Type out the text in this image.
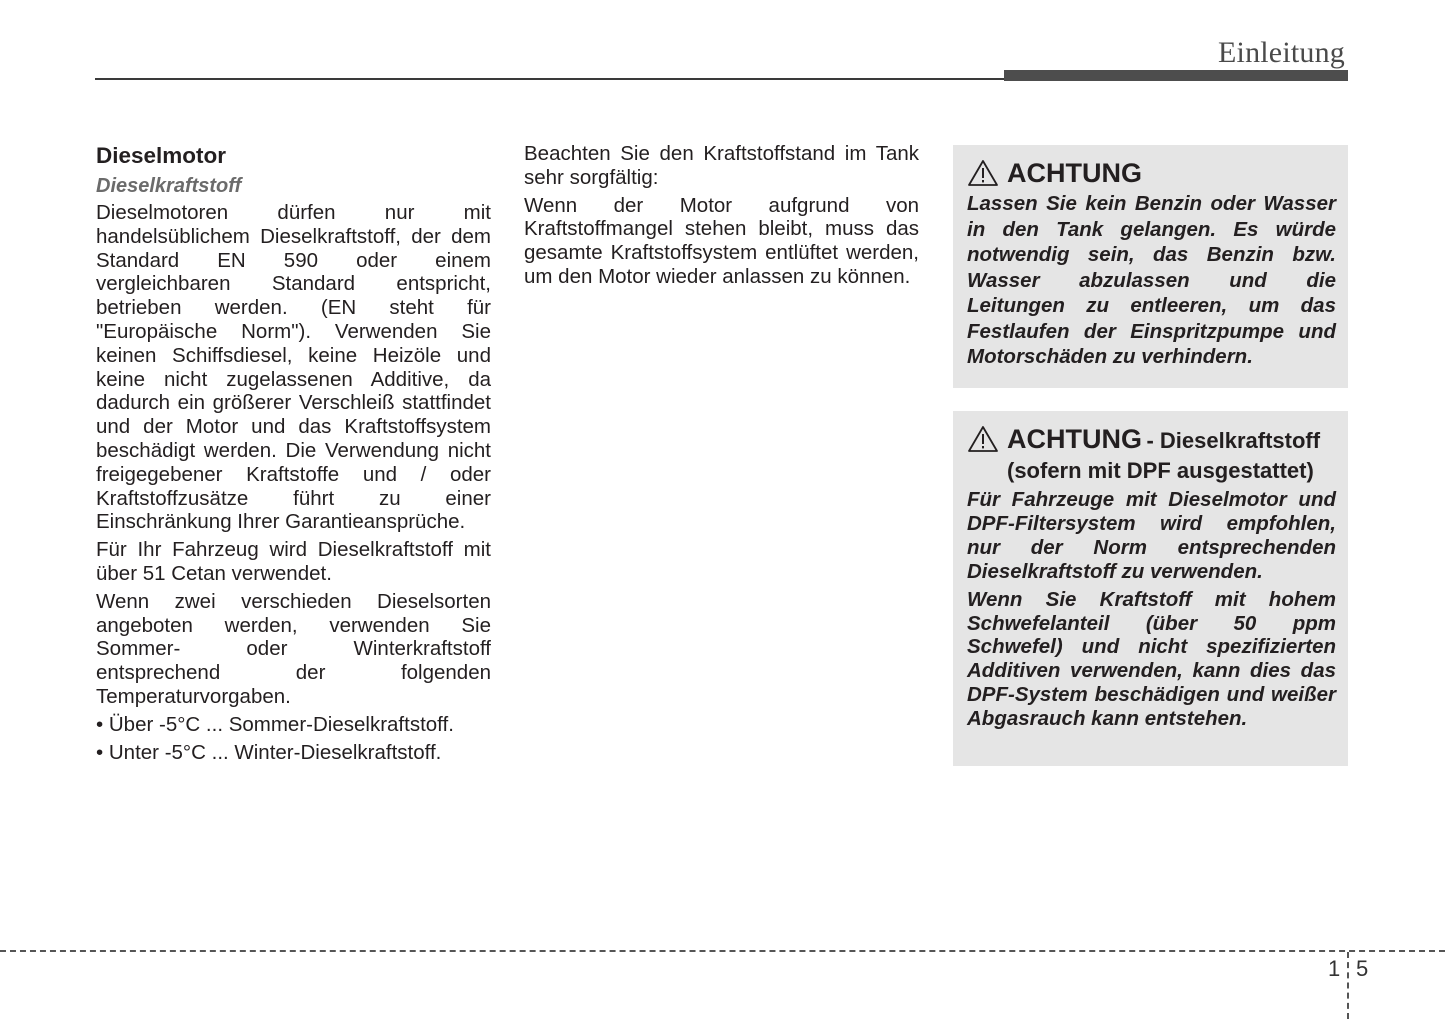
Einleitung
Dieselmotor
Dieselkraftstoff

Dieselmotoren dürfen nur mit handelsüblichem Dieselkraftstoff, der dem Standard EN 590 oder einem vergleichbaren Standard entspricht, betrieben werden. (EN steht für "Europäische Norm"). Verwenden Sie keinen Schiffsdiesel, keine Heizöle und keine nicht zugelassenen Additive, da dadurch ein größerer Verschleiß stattfindet und der Motor und das Kraftstoffsystem beschädigt werden. Die Verwendung nicht freigegebener Kraftstoffe und / oder Kraftstoffzusätze führt zu einer Einschränkung Ihrer Garantieansprüche.

Für Ihr Fahrzeug wird Dieselkraftstoff mit über 51 Cetan verwendet.

Wenn zwei verschieden Dieselsorten angeboten werden, verwenden Sie Sommer- oder Winterkraftstoff entsprechend der folgenden Temperaturvorgaben.

• Über -5°C ... Sommer-Dieselkraftstoff.
• Unter -5°C ... Winter-Dieselkraftstoff.

Beachten Sie den Kraftstoffstand im Tank sehr sorgfältig:

Wenn der Motor aufgrund von Kraftstoffmangel stehen bleibt, muss das gesamte Kraftstoffsystem entlüftet werden, um den Motor wieder anlassen zu können.

ACHTUNG

Lassen Sie kein Benzin oder Wasser in den Tank gelangen. Es würde notwendig sein, das Benzin bzw. Wasser abzulassen und die Leitungen zu entleeren, um das Festlaufen der Einspritzpumpe und Motorschäden zu verhindern.

ACHTUNG - Dieselkraftstoff
(sofern mit DPF ausgestattet)

Für Fahrzeuge mit Dieselmotor und DPF-Filtersystem wird empfohlen, nur der Norm entsprechenden Dieselkraftstoff zu verwenden.

Wenn Sie Kraftstoff mit hohem Schwefelanteil (über 50 ppm Schwefel) und nicht spezifizierten Additiven verwenden, kann dies das DPF-System beschädigen und weißer Abgasrauch kann entstehen.

1 5
